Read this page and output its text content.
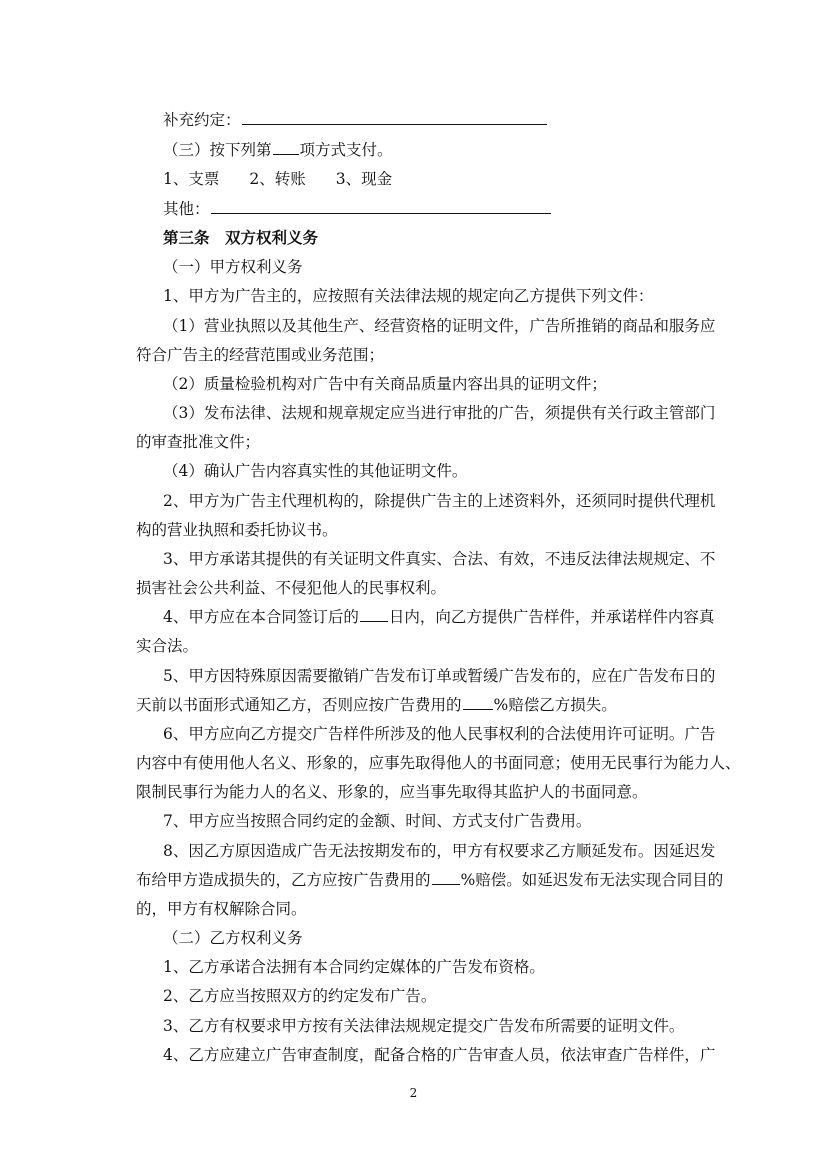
补充约定：
（三）按下列第 项方式支付。
1、支票 2、转账 3、现金
其他：
第三条　双方权利义务
（一）甲方权利义务
1、甲方为广告主的，应按照有关法律法规的规定向乙方提供下列文件：
（1）营业执照以及其他生产、经营资格的证明文件，广告所推销的商品和服务应
符合广告主的经营范围或业务范围；
（2）质量检验机构对广告中有关商品质量内容出具的证明文件；
（3）发布法律、法规和规章规定应当进行审批的广告，须提供有关行政主管部门
的审查批准文件；
（4）确认广告内容真实性的其他证明文件。
2、甲方为广告主代理机构的，除提供广告主的上述资料外，还须同时提供代理机
构的营业执照和委托协议书。
3、甲方承诺其提供的有关证明文件真实、合法、有效，不违反法律法规规定、不
损害社会公共利益、不侵犯他人的民事权利。
4、甲方应在本合同签订后的 日内，向乙方提供广告样件，并承诺样件内容真
实合法。
5、甲方因特殊原因需要撤销广告发布订单或暂缓广告发布的，应在广告发布日的
天前以书面形式通知乙方，否则应按广告费用的 %赔偿乙方损失。
6、甲方应向乙方提交广告样件所涉及的他人民事权利的合法使用许可证明。广告
内容中有使用他人名义、形象的，应事先取得他人的书面同意；使用无民事行为能力人、
限制民事行为能力人的名义、形象的，应当事先取得其监护人的书面同意。
7、甲方应当按照合同约定的金额、时间、方式支付广告费用。
8、因乙方原因造成广告无法按期发布的，甲方有权要求乙方顺延发布。因延迟发
布给甲方造成损失的，乙方应按广告费用的 %赔偿。如延迟发布无法实现合同目的
的，甲方有权解除合同。
（二）乙方权利义务
1、乙方承诺合法拥有本合同约定媒体的广告发布资格。
2、乙方应当按照双方的约定发布广告。
3、乙方有权要求甲方按有关法律法规规定提交广告发布所需要的证明文件。
4、乙方应建立广告审查制度，配备合格的广告审查人员，依法审查广告样件，广
2
